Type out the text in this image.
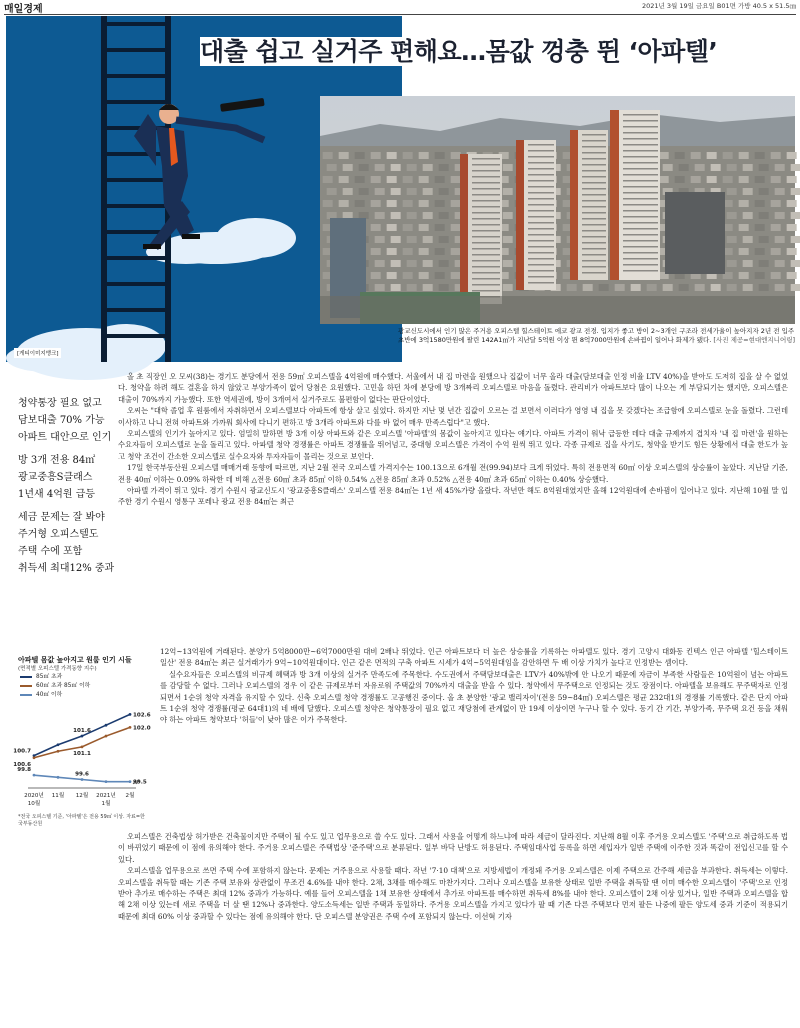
매일경제	2021년 3월 19일 금요일 B01면 가방 40.5 x 51.5㎝
[게티이미지뱅크]
대출 쉽고 실거주 편해요…몸값 껑충 뛴 ‘아파텔’
광교신도시에서 인기 많은 주거용 오피스텔 힐스테이트 에코 광교 전경. 입지가 좋고 방이 2~3개인 구조라 전세가율이 높아지자 2년 전 입주 초반에 3억1580만원에 팔린 142A1㎡가 지난달 5억원 이상 뛴 8억7000만원에 손바뀜이 일어나 화제가 됐다. [사진 제공=현대엔지니어링]
청약통장 필요 없고
담보대출 70% 가능
아파트 대안으로 인기
방 3개 전용 84㎡
광교중흥S클래스
1년새 4억원 급등
세금 문제는 잘 봐야
주거형 오피스텔도
주택 수에 포함
취득세 최대12% 중과

올 초 직장인 오 모씨(38)는 경기도 분당에서 전용 59㎡ 오피스텔을 4억원에 매수했다. 서울에서 내 집 마련을 원했으나 집값이 너무 올라 대출(담보대출 인정 비율 LTV 40%)을 받아도 도저히 집을 살 수 없었다. 청약을 하려 해도 결혼을 하지 않았고 부양가족이 없어 당첨은 요원했다. 고민을 하던 차에 분당에 방 3개짜리 오피스텔로 마음을 돌렸다. 관리비가 아파트보다 많이 나오는 게 부담되기는 했지만, 오피스텔은 대출이 70%까지 가능했다. 또한 역세권에, 방이 3개여서 실거주로도 불편함이 없다는 판단이었다.

오씨는 "대학 졸업 후 원룸에서 자취하면서 오피스텔보다 아파트에 항상 살고 싶었다. 하지만 지난 몇 년간 집값이 오르는 걸 보면서 이러다가 영영 내 집을 못 갖겠다는 조급함에 오피스텔로 눈을 돌렸다. 그런데 이사하고 나니 전혀 아파트와 가까워 회사에 다니기 편하고 방 3개라 아파트와 다를 바 없어 매우 만족스럽다"고 했다.

오피스텔의 인기가 높아지고 있다. 엄밀히 말하면 방 3개 이상 아파트와 같은 오피스텔 '아파텔'의 몸값이 높아지고 있다는 얘기다. 아파트 가격이 워낙 급등한 데다 대출 규제까지 겹치자 '내 집 마련'을 원하는 수요자들이 오피스텔로 눈을 돌리고 있다. 아파텔 청약 경쟁률은 아파트 경쟁률을 뛰어넘고, 중대형 오피스텔은 가격이 수억 원씩 뛰고 있다. 각종 규제로 집을 사기도, 청약을 받기도 힘든 상황에서 대출 한도가 높고 청약 조건이 간소한 오피스텔로 실수요자와 투자자들이 몰리는 것으로 보인다.

17일 한국부동산원 오피스텔 매매거래 동향에 따르면, 지난 2월 전국 오피스텔 가격지수는 100.13으로 6개월 전(99.94)보다 크게 뛰었다. 특히 전용면적 60㎡ 이상 오피스텔의 상승률이 높았다. 지난달 기준, 전용 40㎡ 이하는 0.09% 하락한 데 비해 △전용 60㎡ 초과 85㎡ 이하 0.54% △전용 85㎡ 초과 0.52% △전용 40㎡ 초과 65㎡ 이하는 0.40% 상승했다.

아파텔 가격이 뛰고 있다. 경기 수원시 광교신도시 '광교중흥S클래스' 오피스텔 전용 84㎡는 1년 새 45%가량 올랐다. 작년만 해도 8억원대였지만 올해 12억원대에 손바뀜이 일어나고 있다. 지난해 10월 말 입주한 경기 수원시 영통구 포레나 광교 전용 84㎡는 최근

12억~13억원에 거래된다. 분양가 5억8000만~6억7000만원 대비 2배나 뛰었다. 인근 아파트보다 더 높은 상승률을 기록하는 아파텔도 있다. 경기 고양시 대화동 킨텍스 인근 아파텔 '힐스테이트 일산' 전용 84㎡는 최근 실거래가가 9억~10억원대이다. 인근 같은 면적의 구축 아파트 시세가 4억~5억원대임을 감안하면 두 배 이상 가치가 높다고 인정받는 셈이다.

실수요자들은 오피스텔의 비규제 혜택과 방 3개 이상의 실거주 만족도에 주목한다. 수도권에서 주택담보대출은 LTV가 40%밖에 안 나오기 때문에 자금이 부족한 사람들은 10억원이 넘는 아파트를 감당할 수 없다. 그러나 오피스텔의 경우 이 같은 규제로부터 자유로워 주택값의 70%까지 대출을 받을 수 있다. 청약에서 무주택으로 인정되는 것도 장점이다. 아파텔을 보유해도 무주택자로 인정되면서 1순위 청약 자격을 유지할 수 있다. 신축 오피스텔 청약 경쟁률도 고공행진 중이다. 올 초 분양한 '광교 밸리자이'(전용 59~84㎡) 오피스텔은 평균 232대1의 경쟁률 기록했다. 같은 단지 아파트 1순위 청약 경쟁률(평균 64대1)의 네 배에 달했다. 오피스텔 청약은 청약통장이 필요 없고 재당첨에 관계없이 만 19세 이상이면 누구나 할 수 있다. 동기 간 기간, 부양가족, 무주택 요건 등을 채워야 하는 아파트 청약보다 '허들'이 낮아 많은 이가 주목한다.

오피스텔은 건축법상 허가받은 건축물이지만 주택이 될 수도 있고 업무용으로 쓸 수도 있다. 그래서 사용을 어떻게 하느냐에 따라 세금이 달라진다. 지난해 8월 이후 주거용 오피스텔도 '주택'으로 취급하도록 법이 바뀌었기 때문에 이 점에 유의해야 한다. 주거용 오피스텔은 주택법상 '준주택'으로 분류된다. 일부 바닥 난방도 허용된다. 주택임대사업 등록을 하면 세입자가 일반 주택에 이주한 것과 똑같이 전입신고를 할 수 있다.

오피스텔을 업무용으로 쓰면 주택 수에 포함하지 않는다. 문제는 거주용으로 사용할 때다. 작년 '7·10 대책'으로 지방세법이 개정돼 주거용 오피스텔은 이제 주택으로 간주해 세금을 부과한다. 취득세는 이렇다. 오피스텔을 취득할 때는 기존 주택 보유와 상관없이 무조건 4.6%를 내야 한다. 2채, 3채를 매수해도 마찬가지다. 그러나 오피스텔을 보유한 상태로 일반 주택을 취득할 땐 이미 매수한 오피스텔이 '주택'으로 인정받아 추가로 매수하는 주택은 최대 12% 중과가 가능하다. 예를 들어 오피스텔을 1채 보유한 상태에서 추가로 아파트를 매수하면 취득세 8%를 내야 한다. 오피스텔이 2채 이상 있거나, 일반 주택과 오피스텔을 합해 2채 이상 있는데 새로 주택을 더 살 땐 12%나 중과한다. 양도소득세는 일반 주택과 동일하다. 주거용 오피스텔을 가지고 있다가 팔 때 기존 다른 주택보다 먼저 팔든 나중에 팔든 양도세 중과 기준이 적용되기 때문에 최대 60% 이상 중과할 수 있다는 점에 유의해야 한다. 단 오피스텔 분양권은 주택 수에 포함되지 않는다. 이선혁 기자

아파텔 몸값 높아지고 원룸 인기 시들
(면적별 오피스텔 가격동향 지수)
85㎡ 초과
60㎡ 초과 85㎡ 이하
40㎡ 이하
100.7
101.6
102.6
100.6
101.1
102.0
99.8
99.6
99.5
2020년
10월
11월 12월 2021년
1월
2월
*전국 오피스텔 기준, '아파텔'은 전용 59㎡ 이상. 자료=한국부동산원
